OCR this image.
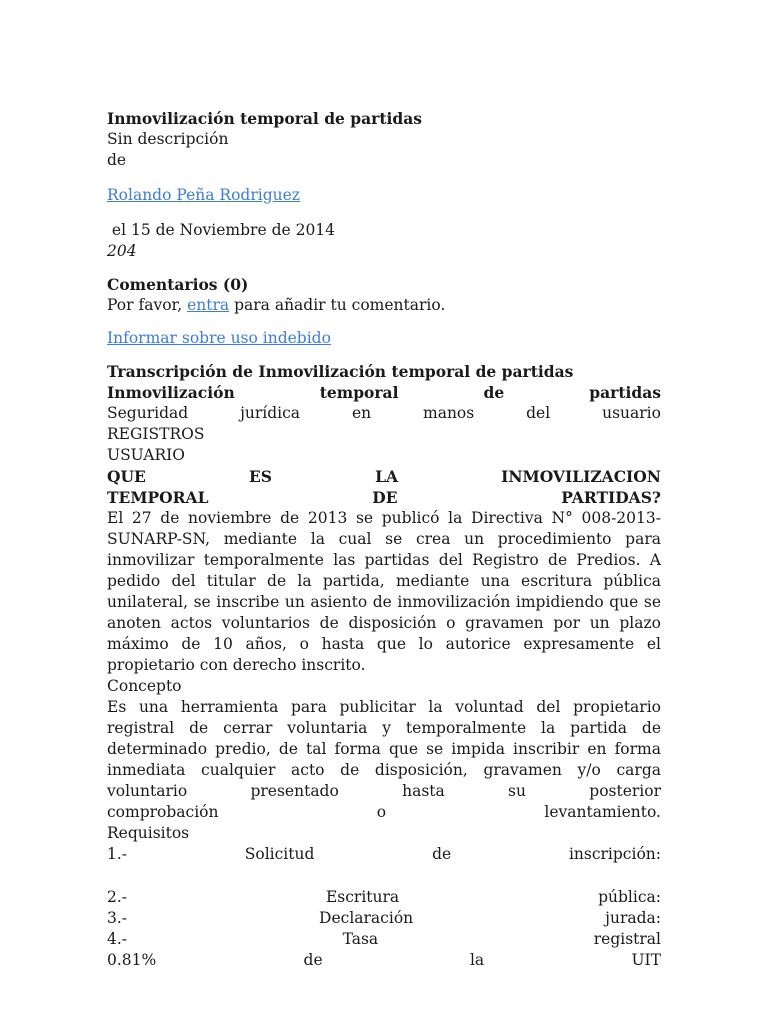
Inmovilización temporal de partidas
Sin descripción
de
Rolando Peña Rodriguez
el 15 de Noviembre de 2014
204
Comentarios (0)
Por favor, entra para añadir tu comentario.
Informar sobre uso indebido
Transcripción de Inmovilización temporal de partidas
Inmovilización	temporal	de	partidas
Seguridad	jurídica	en	manos	del	usuario
REGISTROS
USUARIO
QUE	ES	LA	INMOVILIZACION
TEMPORAL	DE	PARTIDAS?
El 27 de noviembre de 2013 se publicó la Directiva N° 008-2013-SUNARP-SN, mediante la cual se crea un procedimiento para inmovilizar temporalmente las partidas del Registro de Predios. A pedido del titular de la partida, mediante una escritura pública unilateral, se inscribe un asiento de inmovilización impidiendo que se anoten actos voluntarios de disposición o gravamen por un plazo máximo de 10 años, o hasta que lo autorice expresamente el propietario con derecho inscrito.
Concepto
Es una herramienta para publicitar la voluntad del propietario registral de cerrar voluntaria y temporalmente la partida de determinado predio, de tal forma que se impida inscribir en forma inmediata cualquier acto de disposición, gravamen y/o carga voluntario presentado hasta su posterior
comprobación	o	levantamiento.
Requisitos
1.-	Solicitud	de	inscripción:
2.-	Escritura	pública:
3.-	Declaración	jurada:
4.-	Tasa	registral
0.81%	de	la	UIT
